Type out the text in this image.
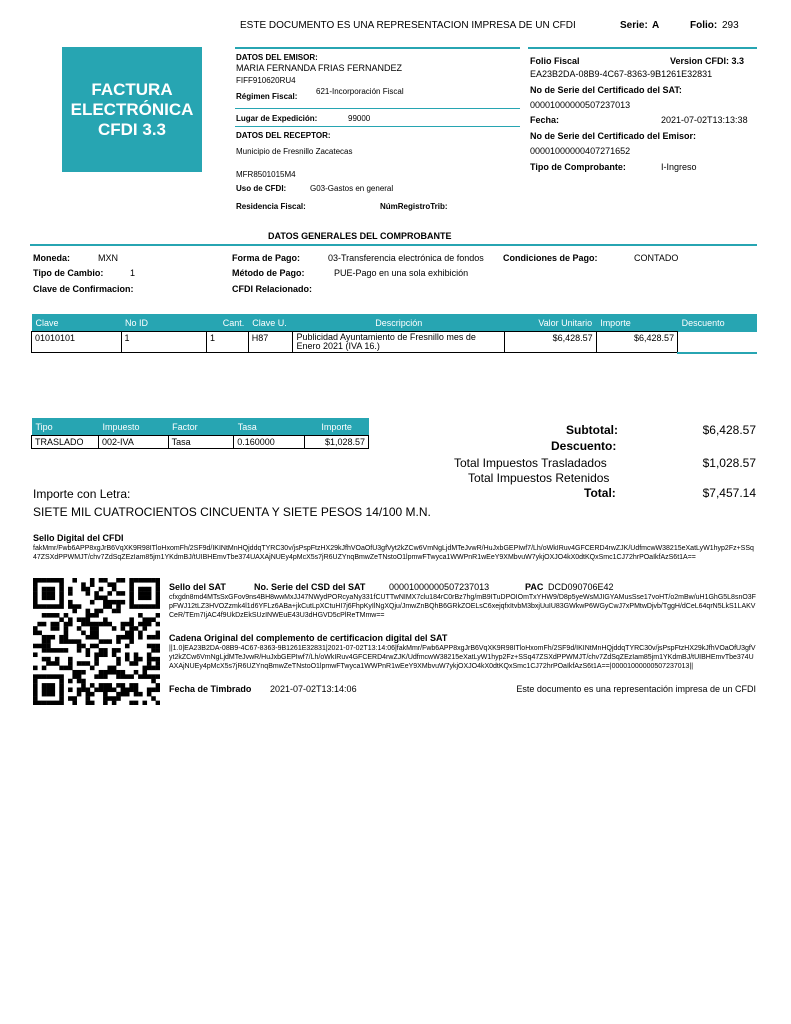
ESTE DOCUMENTO ES UNA REPRESENTACION IMPRESA DE UN CFDI	Serie: A	Folio: 293
FACTURA
ELECTRÓNICA
CFDI 3.3
DATOS DEL EMISOR:
MARIA FERNANDA FRIAS FERNANDEZ
FIFF910620RU4
Régimen Fiscal:
621-Incorporación Fiscal
Lugar de Expedición:	99000
DATOS DEL RECEPTOR:
Municipio de Fresnillo Zacatecas
MFR8501015M4
Uso de CFDI:	G03-Gastos en general
Residencia Fiscal:	NúmRegistroTrib:
Folio Fiscal	Version CFDI: 3.3
EA23B2DA-08B9-4C67-8363-9B1261E32831
No de Serie del Certificado del SAT:
00001000000507237013
Fecha:	2021-07-02T13:13:38
No de Serie del Certificado del Emisor:
00001000000407271652
Tipo de Comprobante:	I-Ingreso
DATOS GENERALES DEL COMPROBANTE
Moneda:	MXN
Tipo de Cambio:	1
Clave de Confirmacion:
Forma de Pago:	03-Transferencia electrónica de fondos
Método de Pago:	PUE-Pago en una sola exhibición
CFDI Relacionado:
Condiciones de Pago:	CONTADO
Clave	No ID	Cant.	Clave U.	Descripción	Valor Unitario	Importe	Descuento
01010101	1	1	H87	Publicidad Ayuntamiento de Fresnillo mes de Enero 2021 (IVA 16.)	$6,428.57	$6,428.57	
Tipo	Impuesto	Factor	Tasa	Importe
TRASLADO	002-IVA	Tasa	0.160000	$1,028.57
Subtotal:	$6,428.57
Descuento:
Total Impuestos Trasladados	$1,028.57
Total Impuestos Retenidos
Total:	$7,457.14
Importe con Letra:
SIETE MIL CUATROCIENTOS CINCUENTA Y SIETE PESOS 14/100 M.N.
Sello Digital del CFDI
fakMmr/Fwb6APP8xgJrB6VqXK9R98ITloHxomFh/2SF9d/IKINtMnHQjddqTYRC30v/jsPspFtzHX29kJfhVOaOfU3gfVyt2kZCw6VmNgLjdMTeJvwR/HuJxbGEPIwf7/Lh/oWkIRuv4GFCERD4rwZJK/UdfmcwW38215eXatLyW1hyp2Fz+SSq47ZSXdPPWMJT/chv7ZdSqZEzIam85jm1YKdmBJ/tUIBHEmvTbe374UAXAjNUEy4pMcX5s7jR6UZYnqBmwZeTNstoO1lpmwFTwyca1WWPnR1wEeY9XMbvuW7ykjOXJO4kX0dtKQxSmc1CJ72hrPOaIkfAzS6t1A==
Sello del SAT	No. Serie del CSD del SAT	00001000000507237013	PAC DCD090706E42
cfxgdn8md4MTsSxGFov9ns4BH8wwMxJJ47NWydPORcyaNy331fCUTTwNIMX7clu184rC0rBz7hg/mB9ITuDPOIOmTxYHW9/D8p5yeWsMJIGYAMusSse17voHT/o2mBw/uH1GhG5L8snO3FpFWJ12tLZ3HVOZzmk4l1d6YFLz6ABa+jkCutLpXCtuHI7j6FhpKyIlNgXQju/JmwZnBQhB6GRkZOELsC6xejqfxItvbM3bxjUuIU83GWkwP6WGyCwJ7xPMtwDjvb/TggH/dCeL64qrN5LkS1LAKVCeR/TEm7IjAC4f9UkDzEkSUzINWEuE43U3dHGVD5cPlReTMmw==
Cadena Original del complemento de certificacion digital del SAT
||1.0|EA23B2DA-08B9-4C67-8363-9B1261E32831|2021-07-02T13:14:06|fakMmr/Fwb6APP8xgJrB6VqXK9R98ITloHxomFh/2SF9d/IKINtMnHQjddqTYRC30v/jsPspFtzHX29kJfhVOaOfU3gfVyt2kZCw6VmNgLjdMTeJvwR/HuJxbGEPIwf7/Lh/oWkIRuv4GFCERD4rwZJK/UdfmcwW38215eXatLyW1hyp2Fz+SSq47ZSXdPPWMJT/chv7ZdSqZEzIam85jm1YKdmBJ/tUIBHEmvTbe374UAXAjNUEy4pMcX5s7jR6UZYnqBmwZeTNstoO1lpmwFTwyca1WWPnR1wEeY9XMbvuW7ykjOXJO4kX0dtKQxSmc1CJ72hrPOaIkfAzS6t1A==|00001000000507237013||
Fecha de Timbrado 2021-07-02T13:14:06	Este documento es una representación impresa de un CFDI
